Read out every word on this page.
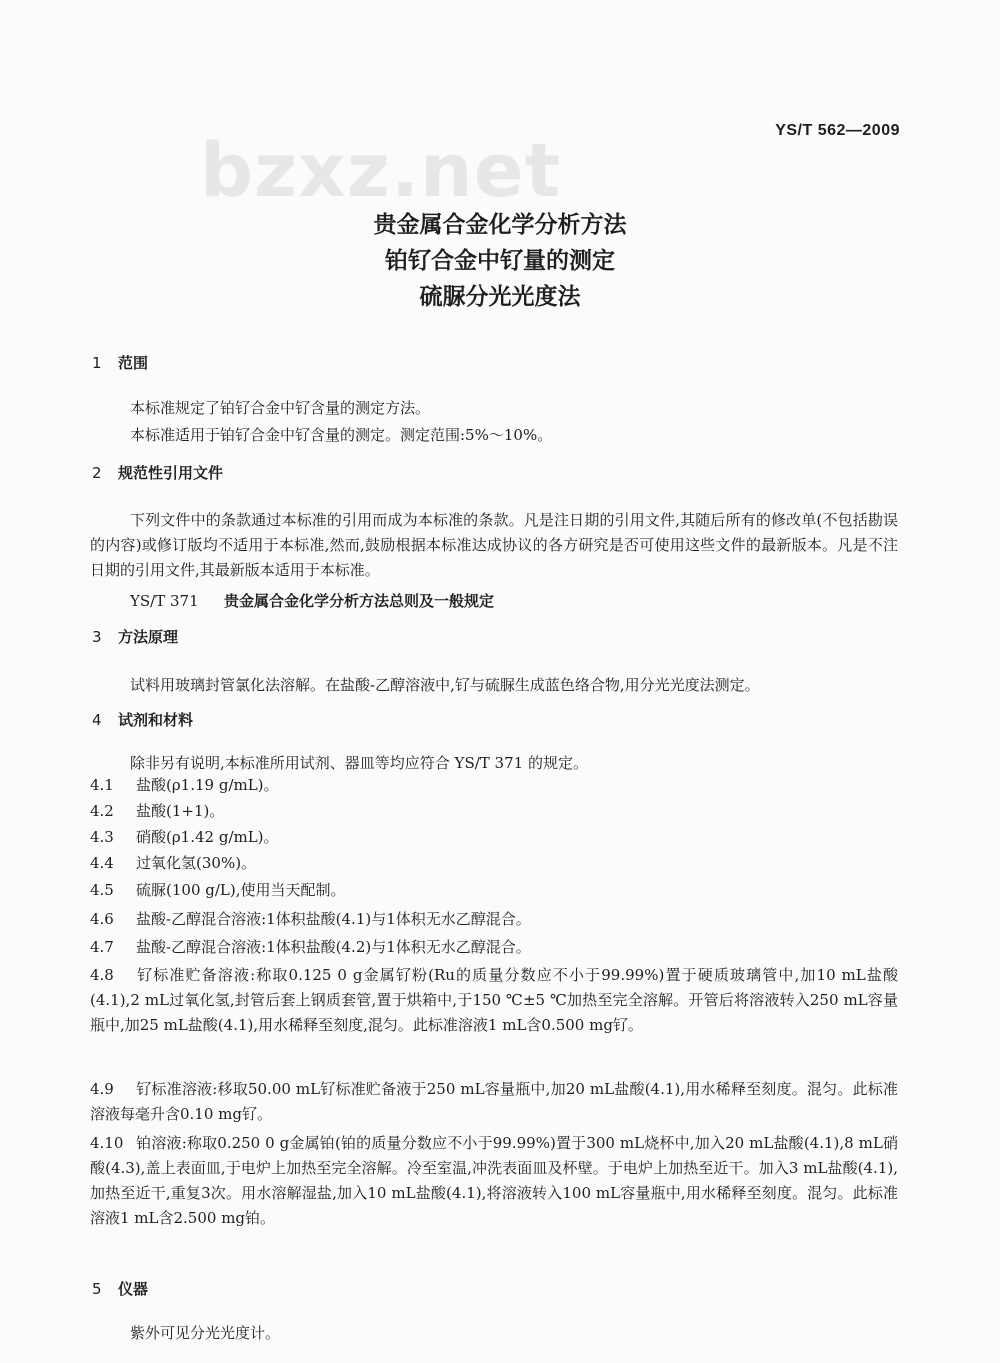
bzxz.net	YS/T 562—2009
贵金属合金化学分析方法
铂钌合金中钌量的测定
硫脲分光光度法
1 范围
本标准规定了铂钌合金中钌含量的测定方法。
本标准适用于铂钌合金中钌含量的测定。测定范围:5%～10%。
2 规范性引用文件
下列文件中的条款通过本标准的引用而成为本标准的条款。凡是注日期的引用文件,其随后所有的修改单(不包括勘误的内容)或修订版均不适用于本标准,然而,鼓励根据本标准达成协议的各方研究是否可使用这些文件的最新版本。凡是不注日期的引用文件,其最新版本适用于本标准。
YS/T 371 贵金属合金化学分析方法总则及一般规定
3 方法原理
试料用玻璃封管氯化法溶解。在盐酸-乙醇溶液中,钌与硫脲生成蓝色络合物,用分光光度法测定。
4 试剂和材料
除非另有说明,本标准所用试剂、器皿等均应符合 YS/T 371 的规定。
4.1 盐酸(ρ1.19 g/mL)。
4.2 盐酸(1+1)。
4.3 硝酸(ρ1.42 g/mL)。
4.4 过氧化氢(30%)。
4.5 硫脲(100 g/L),使用当天配制。
4.6 盐酸-乙醇混合溶液:1体积盐酸(4.1)与1体积无水乙醇混合。
4.7 盐酸-乙醇混合溶液:1体积盐酸(4.2)与1体积无水乙醇混合。
4.8 钌标准贮备溶液:称取0.125 0 g金属钌粉(Ru的质量分数应不小于99.99%)置于硬质玻璃管中,加10 mL盐酸(4.1),2 mL过氧化氢,封管后套上钢质套管,置于烘箱中,于150 ℃±5 ℃加热至完全溶解。开管后将溶液转入250 mL容量瓶中,加25 mL盐酸(4.1),用水稀释至刻度,混匀。此标准溶液1 mL含0.500 mg钌。
4.9 钌标准溶液:移取50.00 mL钌标准贮备液于250 mL容量瓶中,加20 mL盐酸(4.1),用水稀释至刻度。混匀。此标准溶液每毫升含0.10 mg钌。
4.10 铂溶液:称取0.250 0 g金属铂(铂的质量分数应不小于99.99%)置于300 mL烧杯中,加入20 mL盐酸(4.1),8 mL硝酸(4.3),盖上表面皿,于电炉上加热至完全溶解。冷至室温,冲洗表面皿及杯壁。于电炉上加热至近干。加入3 mL盐酸(4.1),加热至近干,重复3次。用水溶解湿盐,加入10 mL盐酸(4.1),将溶液转入100 mL容量瓶中,用水稀释至刻度。混匀。此标准溶液1 mL含2.500 mg铂。
5 仪器
紫外可见分光光度计。
